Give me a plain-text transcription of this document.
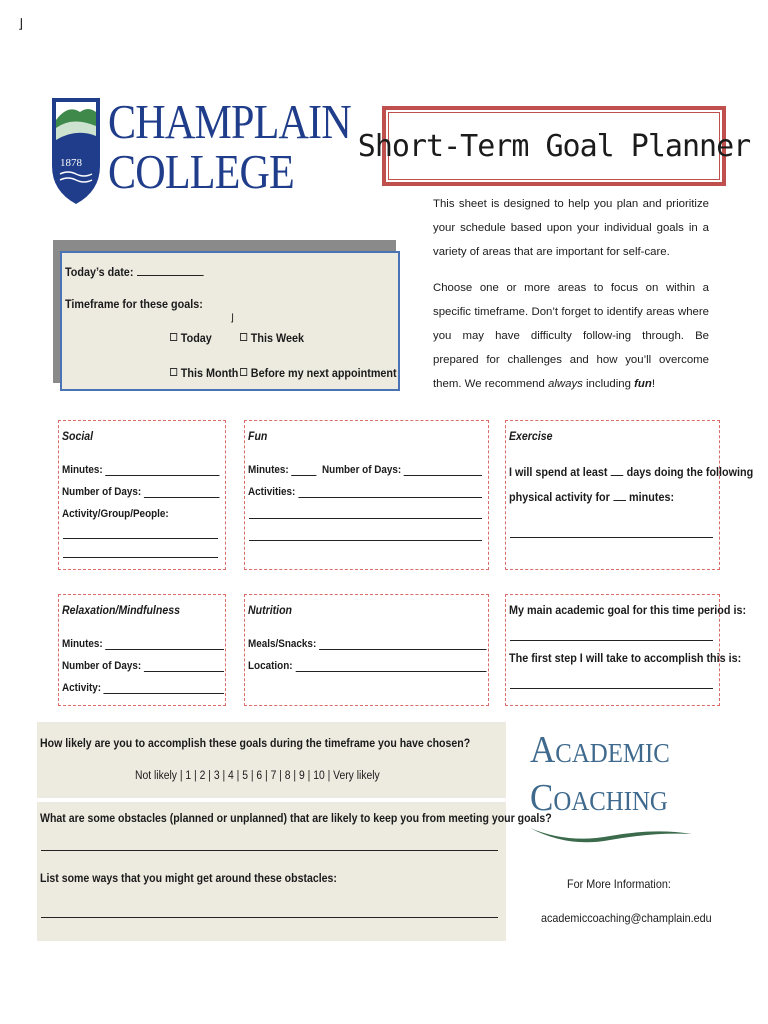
⌋
1878
CHAMPLAIN
COLLEGE	Short-Term Goal Planner

This sheet is designed to help you plan and prioritize your schedule based upon your individual goals in a variety of areas that are important for self-care.

Choose one or more areas to focus on within a specific timeframe. Don’t forget to identify areas where you may have difficulty follow-ing through. Be prepared for challenges and how you’ll overcome them. We recommend always including fun!

Today’s date:
Timeframe for these goals:
Today	This Week
This Month	Before my next appointment
⌋
Social
Minutes:
Number of Days:
Activity/Group/People:
Fun
Minutes:	Number of Days:
Activities:
Exercise
I will spend at least days doing the following
physical activity for minutes:
Relaxation/Mindfulness
Minutes:
Number of Days:
Activity:
Nutrition
Meals/Snacks:
Location:
My main academic goal for this time period is:
The first step I will take to accomplish this is:
How likely are you to accomplish these goals during the timeframe you have chosen?
Not likely | 1 | 2 | 3 | 4 | 5 | 6 | 7 | 8 | 9 | 10 | Very likely
What are some obstacles (planned or unplanned) that are likely to keep you from meeting your goals?
List some ways that you might get around these obstacles:
Academic
Coaching
For More Information:
academiccoaching@champlain.edu
